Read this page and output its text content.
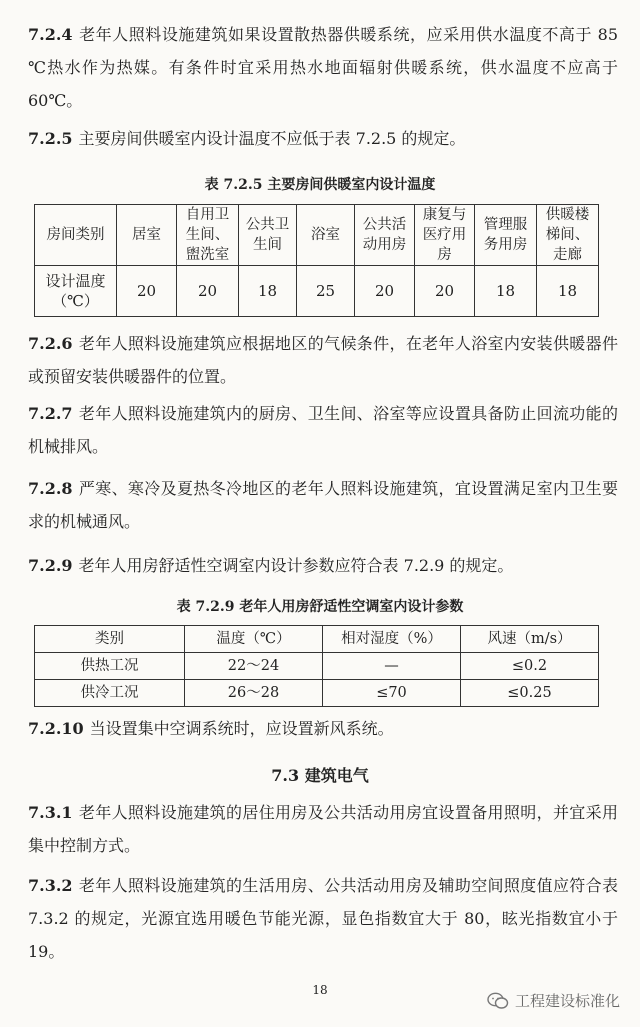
7.2.4 老年人照料设施建筑如果设置散热器供暖系统，应采用供水温度不高于 85 ℃热水作为热媒。有条件时宜采用热水地面辐射供暖系统，供水温度不应高于 60℃。
7.2.5 主要房间供暖室内设计温度不应低于表 7.2.5 的规定。
表 7.2.5 主要房间供暖室内设计温度
房间类别	居室	自用卫生间、盥洗室	公共卫生间	浴室	公共活动用房	康复与医疗用房	管理服务用房	供暖楼梯间、走廊
设计温度（℃）	20	20	18	25	20	20	18	18
7.2.6 老年人照料设施建筑应根据地区的气候条件，在老年人浴室内安装供暖器件或预留安装供暖器件的位置。
7.2.7 老年人照料设施建筑内的厨房、卫生间、浴室等应设置具备防止回流功能的机械排风。
7.2.8 严寒、寒冷及夏热冬冷地区的老年人照料设施建筑，宜设置满足室内卫生要求的机械通风。
7.2.9 老年人用房舒适性空调室内设计参数应符合表 7.2.9 的规定。
表 7.2.9 老年人用房舒适性空调室内设计参数
类别	温度（℃）	相对湿度（%）	风速（m/s）
供热工况	22～24	—	≤0.2
供冷工况	26～28	≤70	≤0.25
7.2.10 当设置集中空调系统时，应设置新风系统。
7.3 建筑电气
7.3.1 老年人照料设施建筑的居住用房及公共活动用房宜设置备用照明，并宜采用集中控制方式。
7.3.2 老年人照料设施建筑的生活用房、公共活动用房及辅助空间照度值应符合表 7.3.2 的规定，光源宜选用暖色节能光源，显色指数宜大于 80，眩光指数宜小于 19。
18
工程建设标准化
